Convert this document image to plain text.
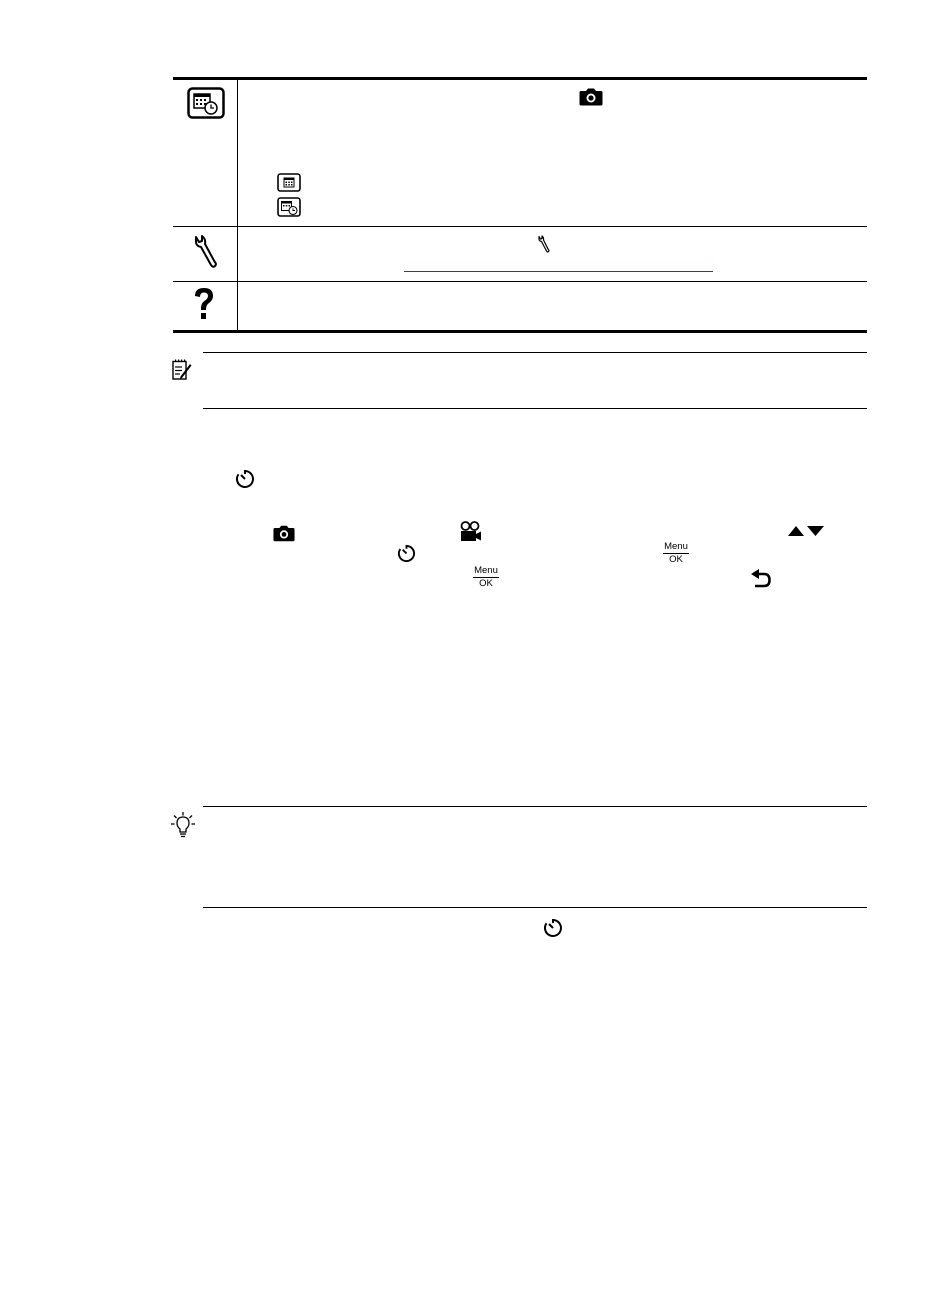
Menu
OK
Menu
OK
